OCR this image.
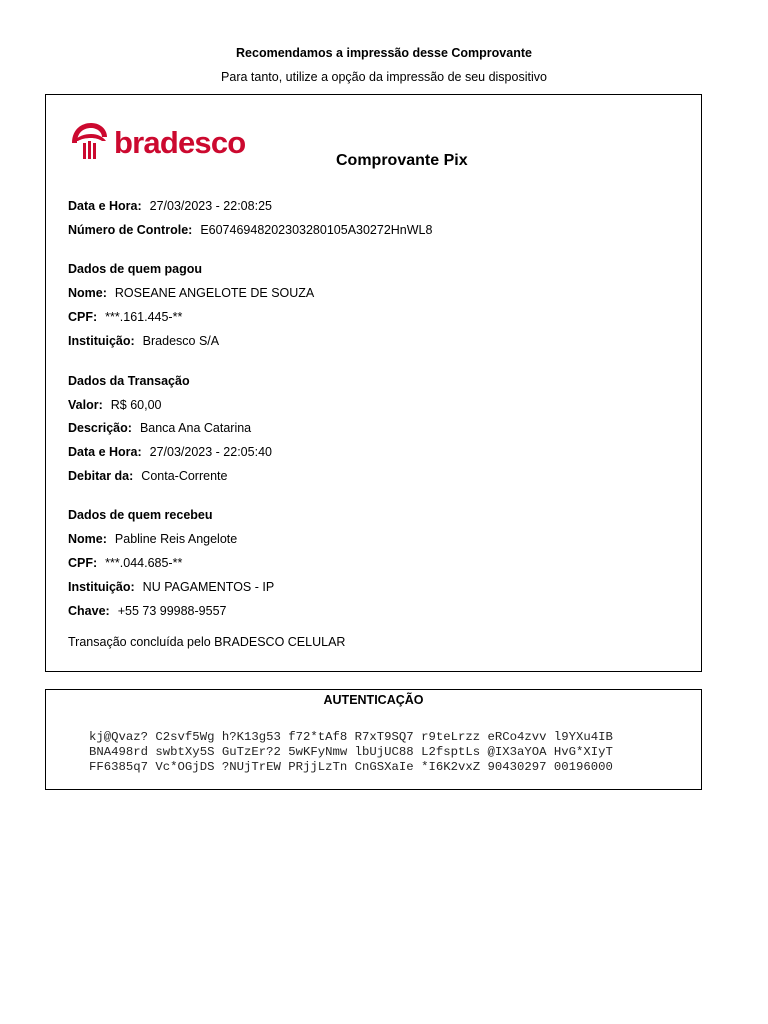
Recomendamos a impressão desse Comprovante
Para tanto, utilize a opção da impressão de seu dispositivo
bradesco
Comprovante Pix
Data e Hora: 27/03/2023 - 22:08:25
Número de Controle: E60746948202303280105A30272HnWL8
Dados de quem pagou
Nome: ROSEANE ANGELOTE DE SOUZA
CPF: ***.161.445-**
Instituição: Bradesco S/A
Dados da Transação
Valor: R$ 60,00
Descrição: Banca Ana Catarina
Data e Hora: 27/03/2023 - 22:05:40
Debitar da: Conta-Corrente
Dados de quem recebeu
Nome: Pabline Reis Angelote
CPF: ***.044.685-**
Instituição: NU PAGAMENTOS - IP
Chave: +55 73 99988-9557
Transação concluída pelo BRADESCO CELULAR
AUTENTICAÇÃO
kj@Qvaz? C2svf5Wg h?K13g53 f72*tAf8 R7xT9SQ7 r9teLrzz eRCo4zvv l9YXu4IB
BNA498rd swbtXy5S GuTzEr?2 5wKFyNmw lbUjUC88 L2fsptLs @IX3aYOA HvG*XIyT
FF6385q7 Vc*OGjDS ?NUjTrEW PRjjLzTn CnGSXaIe *I6K2vxZ 90430297 00196000
